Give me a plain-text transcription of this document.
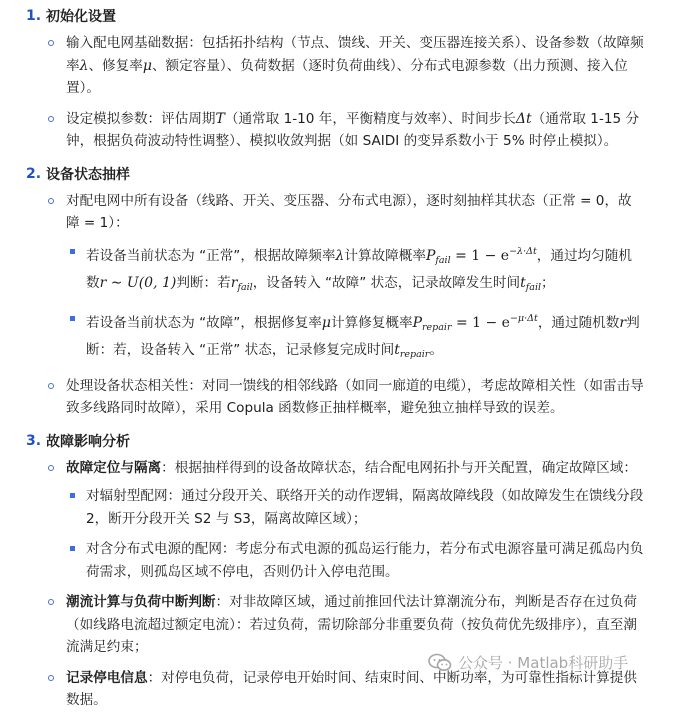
1. 初始化设置
输入配电网基础数据：包括拓扑结构（节点、馈线、开关、变压器连接关系）、设备参数（故障频率λ、修复率μ、额定容量）、负荷数据（逐时负荷曲线）、分布式电源参数（出力预测、接入位置）。
设定模拟参数：评估周期T（通常取 1-10 年，平衡精度与效率）、时间步长Δt（通常取 1-15 分钟，根据负荷波动特性调整）、模拟收敛判据（如 SAIDI 的变异系数小于 5% 时停止模拟）。
2. 设备状态抽样
对配电网中所有设备（线路、开关、变压器、分布式电源），逐时刻抽样其状态（正常 = 0，故障 = 1）：
若设备当前状态为 “正常”，根据故障频率λ计算故障概率$P_{fail} = 1 - e^{-\lambda\cdot\Delta t}$，通过均匀随机数r ∼ U(0, 1)判断：若$r_{fail}$，设备转入 “故障” 状态，记录故障发生时间$t_{fail}$；
若设备当前状态为 “故障”，根据修复率μ计算修复概率$P_{repair} = 1 - e^{-\mu\cdot\Delta t}$，通过随机数r判断：若，设备转入 “正常” 状态，记录修复完成时间$t_{repair}$。
处理设备状态相关性：对同一馈线的相邻线路（如同一廊道的电缆），考虑故障相关性（如雷击导致多线路同时故障），采用 Copula 函数修正抽样概率，避免独立抽样导致的误差。
3. 故障影响分析
故障定位与隔离：根据抽样得到的设备故障状态，结合配电网拓扑与开关配置，确定故障区域：
对辐射型配网：通过分段开关、联络开关的动作逻辑，隔离故障线段（如故障发生在馈线分段 2，断开分段开关 S2 与 S3，隔离故障区域）；
对含分布式电源的配网：考虑分布式电源的孤岛运行能力，若分布式电源容量可满足孤岛内负荷需求，则孤岛区域不停电，否则仍计入停电范围。
潮流计算与负荷中断判断：对非故障区域，通过前推回代法计算潮流分布，判断是否存在过负荷（如线路电流超过额定电流）：若过负荷，需切除部分非重要负荷（按负荷优先级排序），直至潮流满足约束；
记录停电信息：对停电负荷，记录停电开始时间、结束时间、中断功率，为可靠性指标计算提供数据。
公众号 · Matlab科研助手
